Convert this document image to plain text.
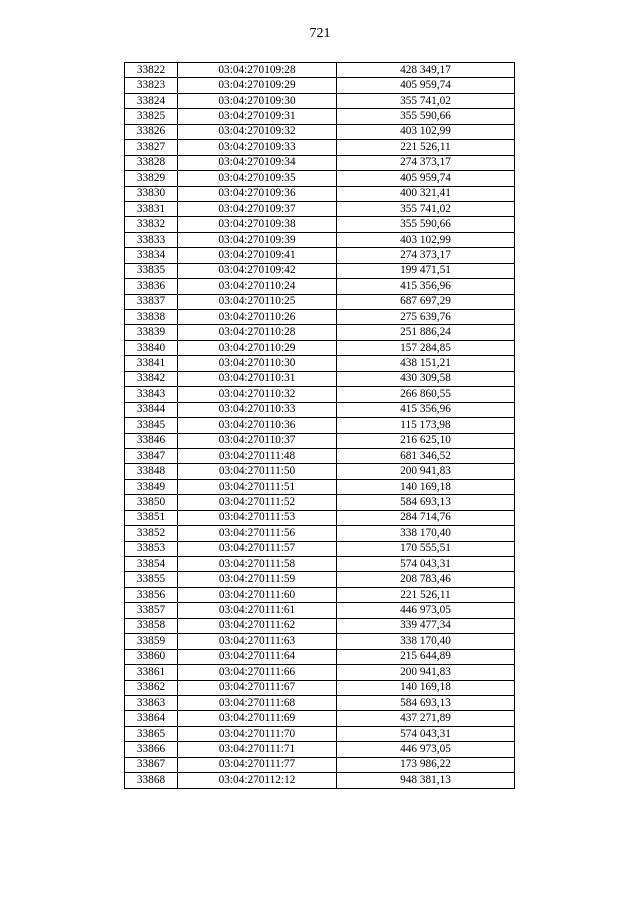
721
33822	03:04:270109:28	428 349,17
33823	03:04:270109:29	405 959,74
33824	03:04:270109:30	355 741,02
33825	03:04:270109:31	355 590,66
33826	03:04:270109:32	403 102,99
33827	03:04:270109:33	221 526,11
33828	03:04:270109:34	274 373,17
33829	03:04:270109:35	405 959,74
33830	03:04:270109:36	400 321,41
33831	03:04:270109:37	355 741,02
33832	03:04:270109:38	355 590,66
33833	03:04:270109:39	403 102,99
33834	03:04:270109:41	274 373,17
33835	03:04:270109:42	199 471,51
33836	03:04:270110:24	415 356,96
33837	03:04:270110:25	687 697,29
33838	03:04:270110:26	275 639,76
33839	03:04:270110:28	251 886,24
33840	03:04:270110:29	157 284,85
33841	03:04:270110:30	438 151,21
33842	03:04:270110:31	430 309,58
33843	03:04:270110:32	266 860,55
33844	03:04:270110:33	415 356,96
33845	03:04:270110:36	115 173,98
33846	03:04:270110:37	216 625,10
33847	03:04:270111:48	681 346,52
33848	03:04:270111:50	200 941,83
33849	03:04:270111:51	140 169,18
33850	03:04:270111:52	584 693,13
33851	03:04:270111:53	284 714,76
33852	03:04:270111:56	338 170,40
33853	03:04:270111:57	170 555,51
33854	03:04:270111:58	574 043,31
33855	03:04:270111:59	208 783,46
33856	03:04:270111:60	221 526,11
33857	03:04:270111:61	446 973,05
33858	03:04:270111:62	339 477,34
33859	03:04:270111:63	338 170,40
33860	03:04:270111:64	215 644,89
33861	03:04:270111:66	200 941,83
33862	03:04:270111:67	140 169,18
33863	03:04:270111:68	584 693,13
33864	03:04:270111:69	437 271,89
33865	03:04:270111:70	574 043,31
33866	03:04:270111:71	446 973,05
33867	03:04:270111:77	173 986,22
33868	03:04:270112:12	948 381,13
